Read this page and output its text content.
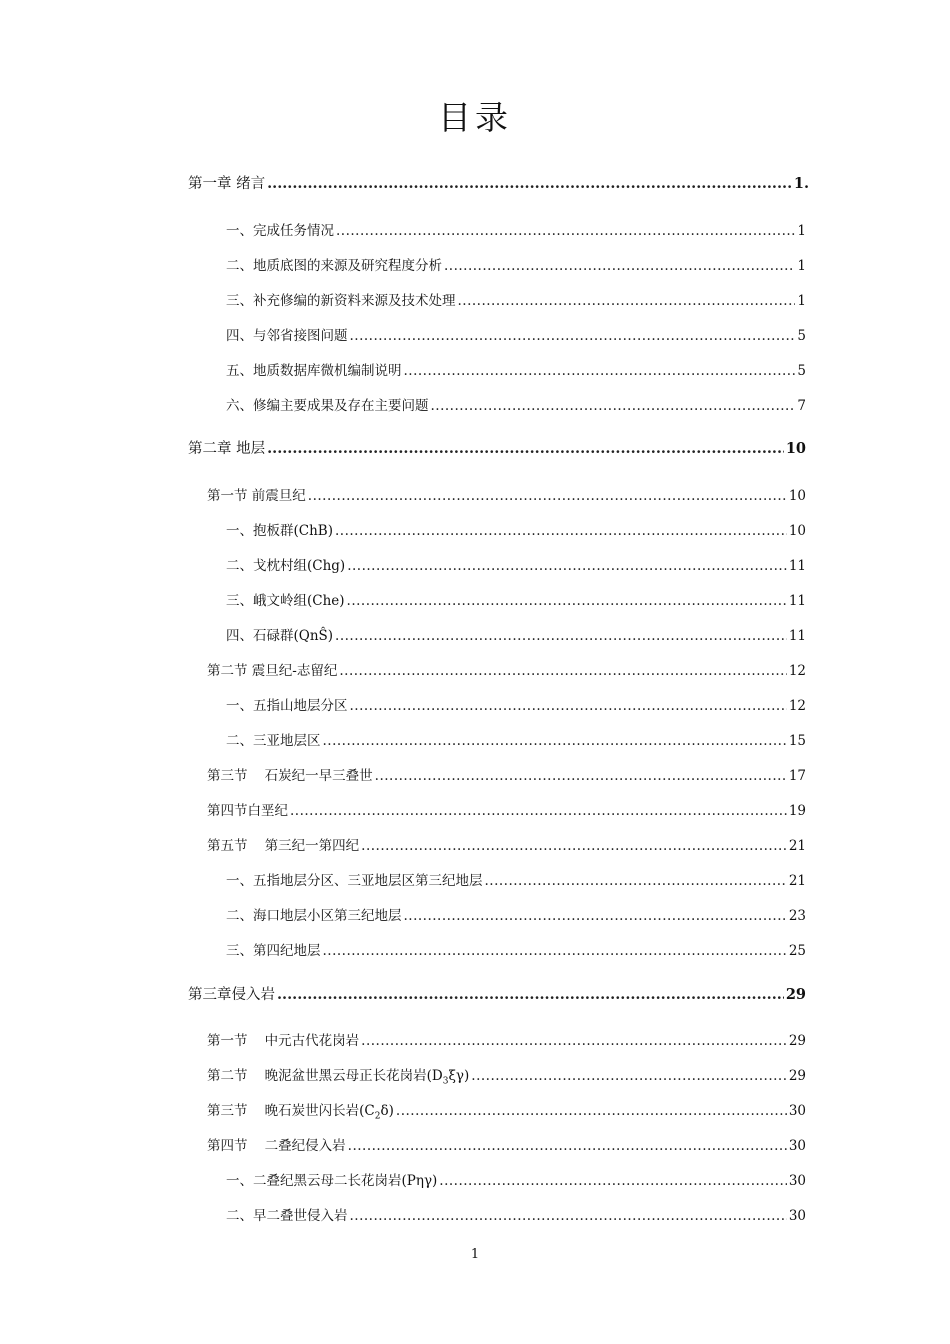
目录
第一章 绪言 .....	1.
一、完成任务情况 .....	1
二、地质底图的来源及研究程度分析 .....	1
三、补充修编的新资料来源及技术处理 .....	1
四、与邻省接图问题 .....	5
五、地质数据库微机编制说明 .....	5
六、修编主要成果及存在主要问题 .....	7
第二章 地层 .....	10
第一节 前震旦纪 .....	10
一、抱板群(ChB) .....	10
二、戈枕村组(Chg) .....	11
三、峨文岭组(Che) .....	11
四、石碌群(QnŜ) .....	11
第二节 震旦纪-志留纪 .....	12
一、五指山地层分区 .....	12
二、三亚地层区 .....	15
第三节    石炭纪一早三叠世 .....	17
第四节白垩纪 .....	19
第五节    第三纪一第四纪 .....	21
一、五指地层分区、三亚地层区第三纪地层 .....	21
二、海口地层小区第三纪地层 .....	23
三、第四纪地层 .....	25
第三章侵入岩 .....	29
第一节    中元古代花岗岩 .....	29
第二节    晚泥盆世黑云母正长花岗岩$(D_3\xi\gamma)$ .....	29
第三节    晚石炭世闪长岩$(C_2\delta)$ .....	30
第四节    二叠纪侵入岩 .....	30
一、二叠纪黑云母二长花岗岩(Pηγ) .....	30
二、早二叠世侵入岩 .....	30
1
